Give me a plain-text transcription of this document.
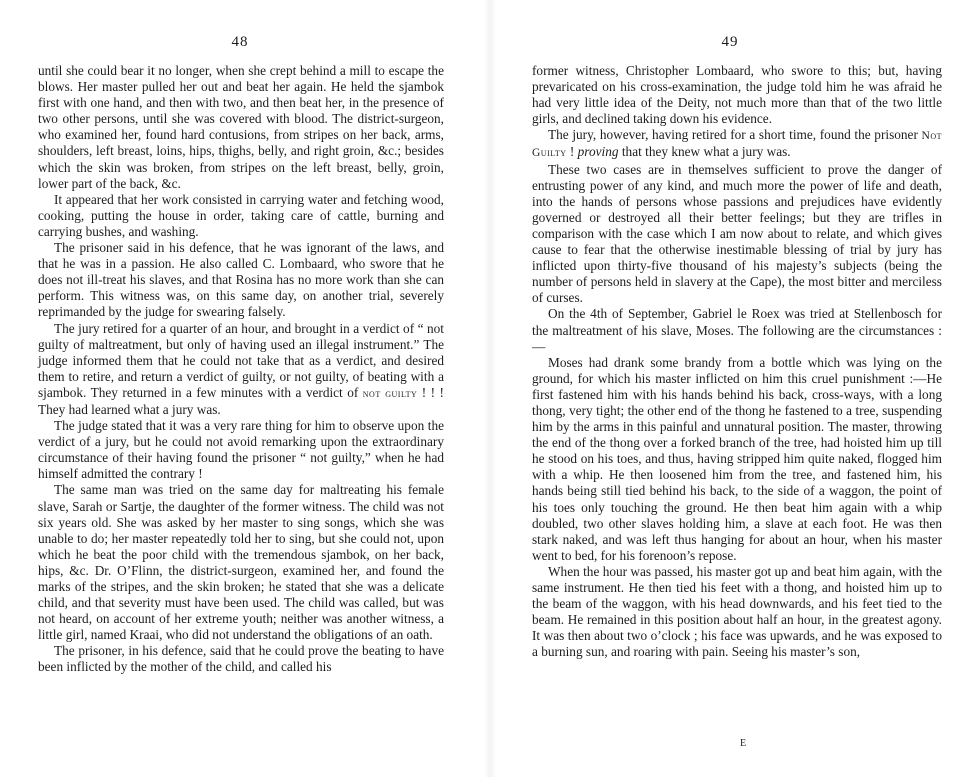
48

until she could bear it no longer, when she crept behind a mill to escape the blows. Her master pulled her out and beat her again. He held the sjambok first with one hand, and then with two, and then beat her, in the presence of two other persons, until she was covered with blood. The district-surgeon, who examined her, found hard contusions, from stripes on her back, arms, shoulders, left breast, loins, hips, thighs, belly, and right groin, &c.; besides which the skin was broken, from stripes on the left breast, belly, groin, lower part of the back, &c.

It appeared that her work consisted in carrying water and fetching wood, cooking, putting the house in order, taking care of cattle, burning and carrying bushes, and washing.

The prisoner said in his defence, that he was ignorant of the laws, and that he was in a passion. He also called C. Lombaard, who swore that he does not ill-treat his slaves, and that Rosina has no more work than she can perform. This witness was, on this same day, on another trial, severely reprimanded by the judge for swearing falsely.

The jury retired for a quarter of an hour, and brought in a verdict of “ not guilty of maltreatment, but only of having used an illegal instrument.” The judge informed them that he could not take that as a verdict, and desired them to retire, and return a verdict of guilty, or not guilty, of beating with a sjambok. They returned in a few minutes with a verdict of not guilty ! ! ! They had learned what a jury was.

The judge stated that it was a very rare thing for him to observe upon the verdict of a jury, but he could not avoid remarking upon the extraordinary circumstance of their having found the prisoner “ not guilty,” when he had himself admitted the contrary !

The same man was tried on the same day for maltreating his female slave, Sarah or Sartje, the daughter of the former witness. The child was not six years old. She was asked by her master to sing songs, which she was unable to do; her master repeatedly told her to sing, but she could not, upon which he beat the poor child with the tremendous sjambok, on her back, hips, &c. Dr. O’Flinn, the district-surgeon, examined her, and found the marks of the stripes, and the skin broken; he stated that she was a delicate child, and that severity must have been used. The child was called, but was not heard, on account of her extreme youth; neither was another witness, a little girl, named Kraai, who did not understand the obligations of an oath.

The prisoner, in his defence, said that he could prove the beating to have been inflicted by the mother of the child, and called his

49

former witness, Christopher Lombaard, who swore to this; but, having prevaricated on his cross-examination, the judge told him he was afraid he had very little idea of the Deity, not much more than that of the two little girls, and declined taking down his evidence.

The jury, however, having retired for a short time, found the prisoner Not Guilty ! proving that they knew what a jury was.

These two cases are in themselves sufficient to prove the danger of entrusting power of any kind, and much more the power of life and death, into the hands of persons whose passions and prejudices have evidently governed or destroyed all their better feelings; but they are trifles in comparison with the case which I am now about to relate, and which gives cause to fear that the otherwise inestimable blessing of trial by jury has inflicted upon thirty-five thousand of his majesty’s subjects (being the number of persons held in slavery at the Cape), the most bitter and merciless of curses.

On the 4th of September, Gabriel le Roex was tried at Stellenbosch for the maltreatment of his slave, Moses. The following are the circumstances :—

Moses had drank some brandy from a bottle which was lying on the ground, for which his master inflicted on him this cruel punishment :—He first fastened him with his hands behind his back, cross-ways, with a long thong, very tight; the other end of the thong he fastened to a tree, suspending him by the arms in this painful and unnatural position. The master, throwing the end of the thong over a forked branch of the tree, had hoisted him up till he stood on his toes, and thus, having stripped him quite naked, flogged him with a whip. He then loosened him from the tree, and fastened him, his hands being still tied behind his back, to the side of a waggon, the point of his toes only touching the ground. He then beat him again with a whip doubled, two other slaves holding him, a slave at each foot. He was then stark naked, and was left thus hanging for about an hour, when his master went to bed, for his forenoon’s repose.

When the hour was passed, his master got up and beat him again, with the same instrument. He then tied his feet with a thong, and hoisted him up to the beam of the waggon, with his head downwards, and his feet tied to the beam. He remained in this position about half an hour, in the greatest agony. It was then about two o’clock ; his face was upwards, and he was exposed to a burning sun, and roaring with pain. Seeing his master’s son,

E
